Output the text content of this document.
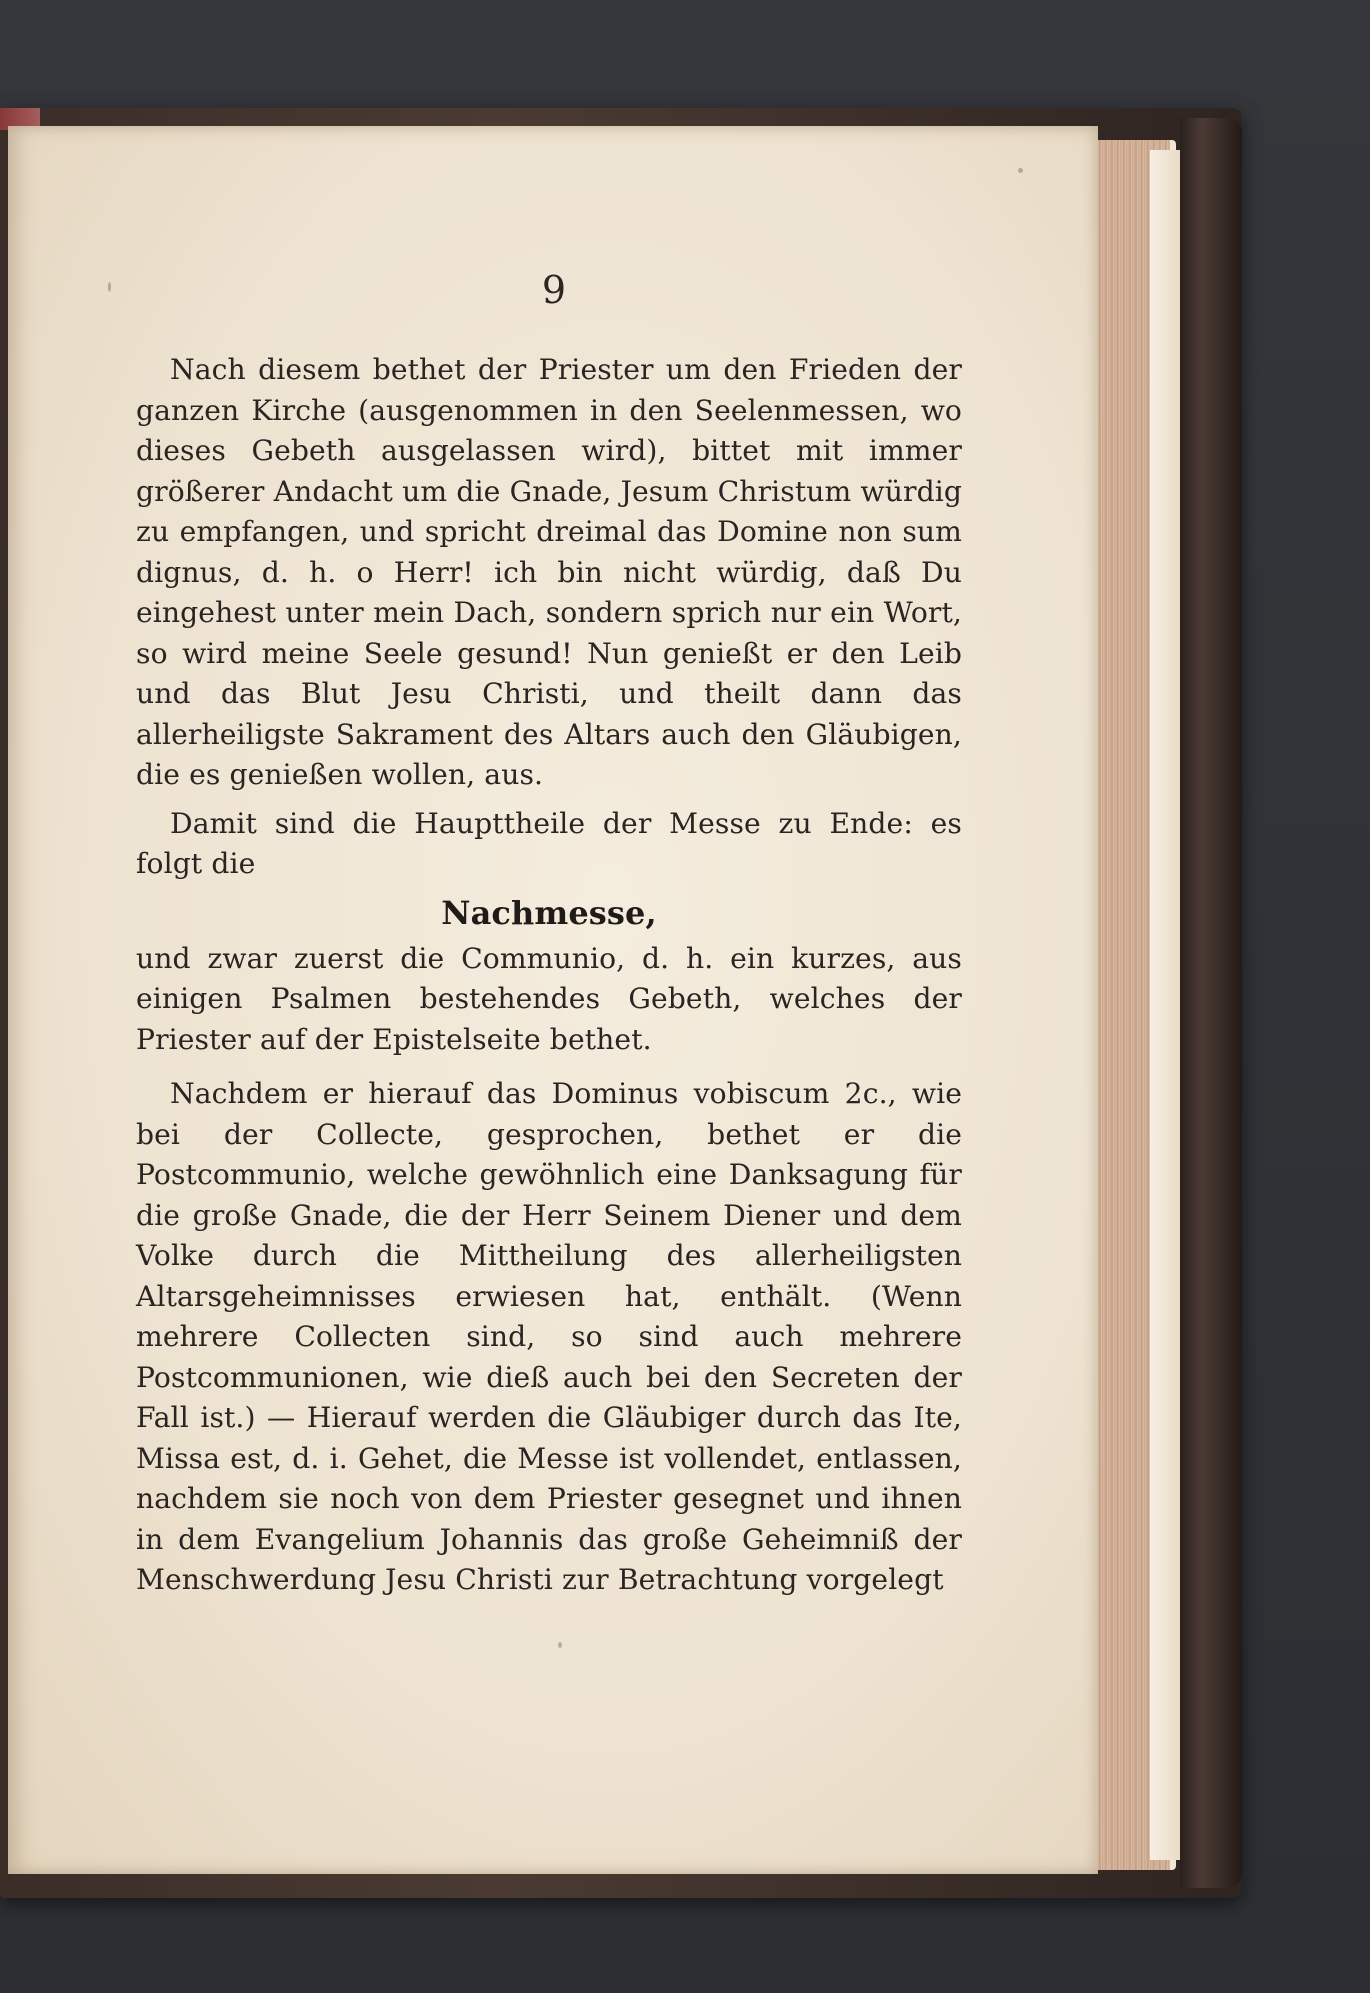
9

Nach diesem bethet der Priester um den Frieden der ganzen Kirche (ausgenommen in den Seelenmessen, wo dieses Gebeth ausgelassen wird), bittet mit immer größerer Andacht um die Gnade, Jesum Christum würdig zu empfangen, und spricht dreimal das Domine non sum dignus, d. h. o Herr! ich bin nicht würdig, daß Du eingehest unter mein Dach, sondern sprich nur ein Wort, so wird meine Seele gesund! Nun genießt er den Leib und das Blut Jesu Christi, und theilt dann das allerheiligste Sakrament des Altars auch den Gläubigen, die es genießen wollen, aus.

Damit sind die Haupttheile der Messe zu Ende: es folgt die

Nachmesse,

und zwar zuerst die Communio, d. h. ein kurzes, aus einigen Psalmen bestehendes Gebeth, welches der Priester auf der Epistelseite bethet.

Nachdem er hierauf das Dominus vobiscum 2c., wie bei der Collecte, gesprochen, bethet er die Postcommunio, welche gewöhnlich eine Danksagung für die große Gnade, die der Herr Seinem Diener und dem Volke durch die Mittheilung des allerheiligsten Altarsgeheimnisses erwiesen hat, enthält. (Wenn mehrere Collecten sind, so sind auch mehrere Postcommunionen, wie dieß auch bei den Secreten der Fall ist.) — Hierauf werden die Gläubiger durch das Ite, Missa est, d. i. Gehet, die Messe ist vollendet, entlassen, nachdem sie noch von dem Priester gesegnet und ihnen in dem Evangelium Johannis das große Geheimniß der Menschwerdung Jesu Christi zur Betrachtung vorgelegt
